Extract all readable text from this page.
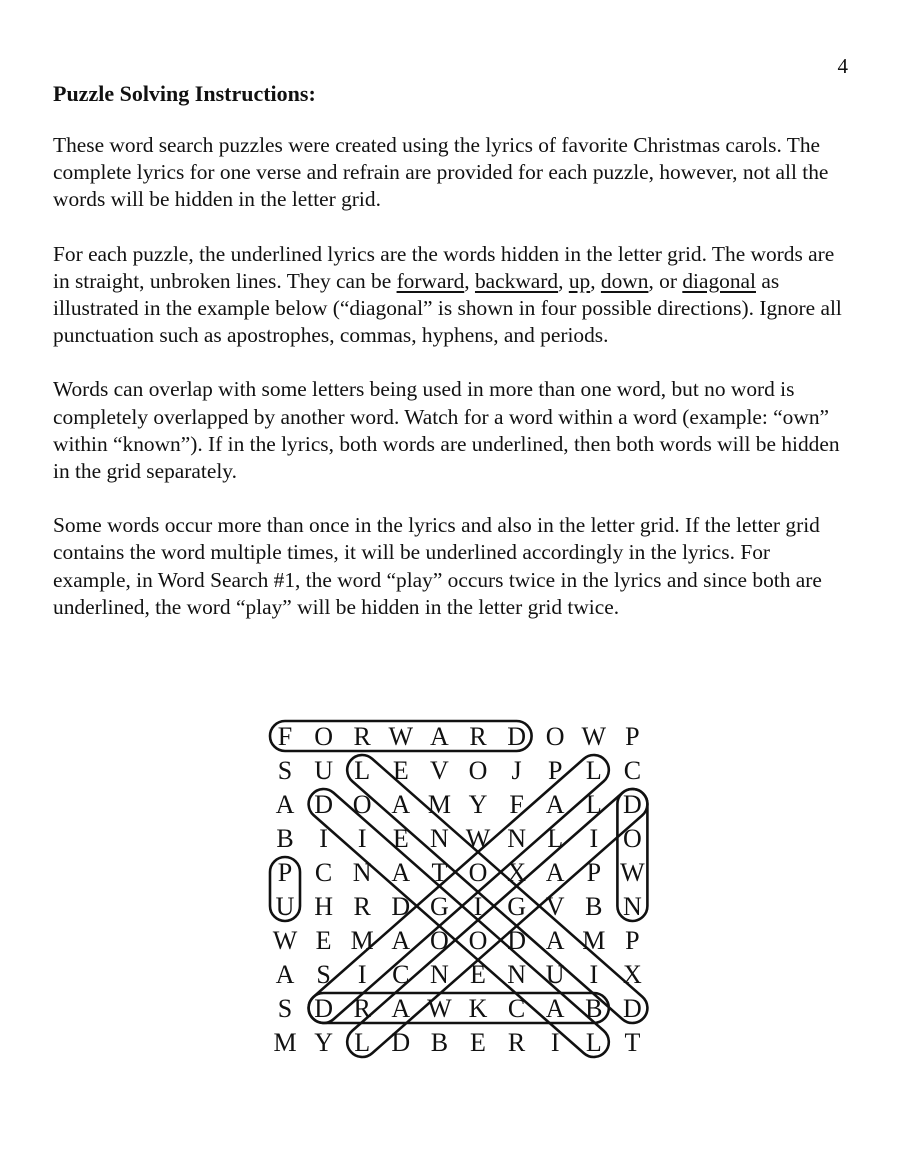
4
Puzzle Solving Instructions:
These word search puzzles were created using the lyrics of favorite Christmas carols. The complete lyrics for one verse and refrain are provided for each puzzle, however, not all the words will be hidden in the letter grid.
For each puzzle, the underlined lyrics are the words hidden in the letter grid. The words are in straight, unbroken lines. They can be forward, backward, up, down, or diagonal as illustrated in the example below (“diagonal” is shown in four possible directions). Ignore all punctuation such as apostrophes, commas, hyphens, and periods.
Words can overlap with some letters being used in more than one word, but no word is completely overlapped by another word. Watch for a word within a word (example: “own” within “known”). If in the lyrics, both words are underlined, then both words will be hidden in the grid separately.
Some words occur more than once in the lyrics and also in the letter grid. If the letter grid contains the word multiple times, it will be underlined accordingly in the lyrics. For example, in Word Search #1, the word “play” occurs twice in the lyrics and since both are underlined, the word “play” will be hidden in the letter grid twice.
F O R W A R D O W P
S U L E V O J P L C
A D O A M Y F A L D
B I I E N W N L I O
P C N A T O X A P W
U H R D G I G V B N
W E M A O O D A M P
A S I C N E N U I X
S D R A W K C A B D
M Y L D B E R I L T
